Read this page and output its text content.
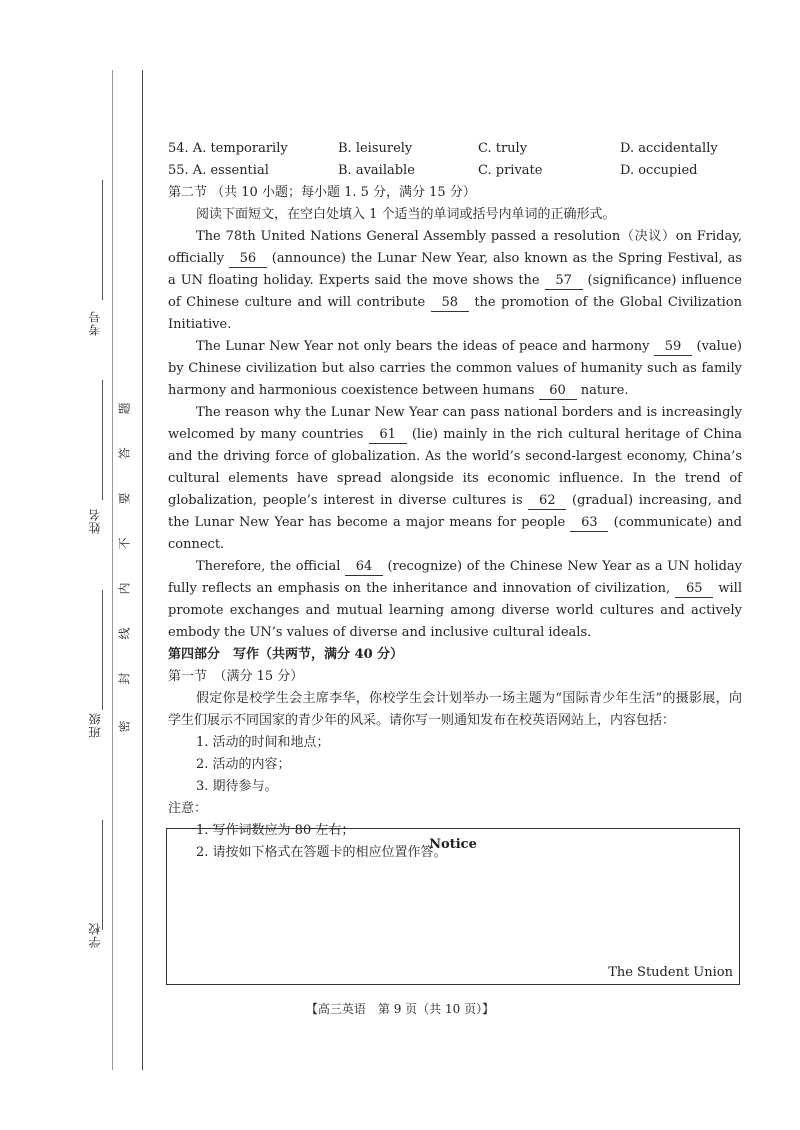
考号
姓名
班级
学校
密
封
线
内
不
要
答
题
54. A. temporarily	B. leisurely	C. truly	D. accidentally
55. A. essential	B. available	C. private	D. occupied
第二节 （共 10 小题；每小题 1. 5 分，满分 15 分）

阅读下面短文，在空白处填入 1 个适当的单词或括号内单词的正确形式。

The 78th United Nations General Assembly passed a resolution（决议）on Friday, officially 56 (announce) the Lunar New Year, also known as the Spring Festival, as a UN floating holiday. Experts said the move shows the 57 (significance) influence of Chinese culture and will contribute 58 the promotion of the Global Civilization Initiative.

The Lunar New Year not only bears the ideas of peace and harmony 59 (value) by Chinese civilization but also carries the common values of humanity such as family harmony and harmonious coexistence between humans 60 nature.

The reason why the Lunar New Year can pass national borders and is increasingly welcomed by many countries 61 (lie) mainly in the rich cultural heritage of China and the driving force of globalization. As the world’s second-largest economy, China’s cultural elements have spread alongside its economic influence. In the trend of globalization, people’s interest in diverse cultures is 62 (gradual) increasing, and the Lunar New Year has become a major means for people 63 (communicate) and connect.

Therefore, the official 64 (recognize) of the Chinese New Year as a UN holiday fully reflects an emphasis on the inheritance and innovation of civilization, 65 will promote exchanges and mutual learning among diverse world cultures and actively embody the UN’s values of diverse and inclusive cultural ideals.

第四部分　写作（共两节，满分 40 分）
第一节　（满分 15 分）

假定你是校学生会主席李华，你校学生会计划举办一场主题为“国际青少年生活”的摄影展，向学生们展示不同国家的青少年的风采。请你写一则通知发布在校英语网站上，内容包括：

1. 活动的时间和地点；
2. 活动的内容；
3. 期待参与。
注意：
1. 写作词数应为 80 左右；
2. 请按如下格式在答题卡的相应位置作答。
Notice
The Student Union
【高三英语　第 9 页（共 10 页）】
